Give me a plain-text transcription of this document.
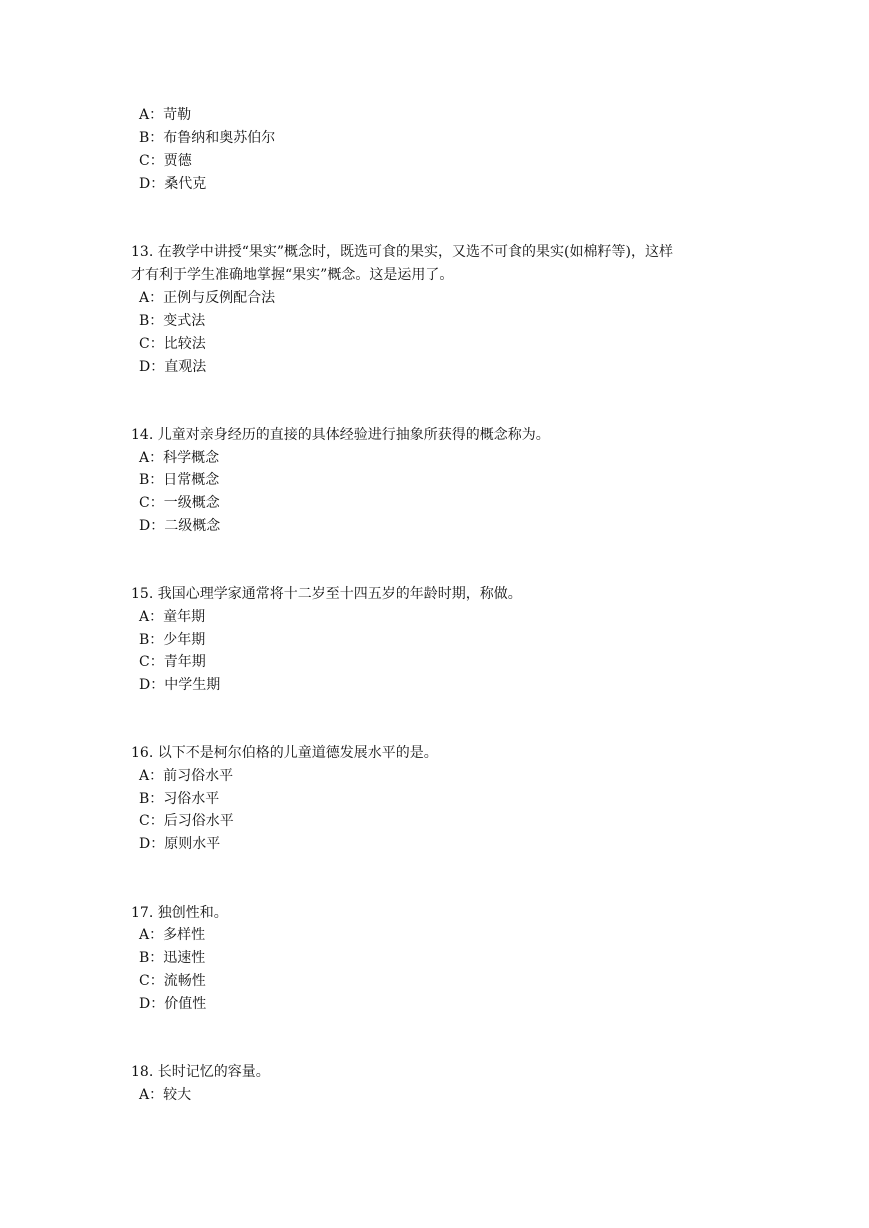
A：苛勒
B：布鲁纳和奥苏伯尔
C：贾德
D：桑代克
13. 在教学中讲授“果实”概念时，既选可食的果实，又选不可食的果实(如棉籽等)，这样
才有利于学生准确地掌握“果实”概念。这是运用了。
A：正例与反例配合法
B：变式法
C：比较法
D：直观法
14. 儿童对亲身经历的直接的具体经验进行抽象所获得的概念称为。
A：科学概念
B：日常概念
C：一级概念
D：二级概念
15. 我国心理学家通常将十二岁至十四五岁的年龄时期，称做。
A：童年期
B：少年期
C：青年期
D：中学生期
16. 以下不是柯尔伯格的儿童道德发展水平的是。
A：前习俗水平
B：习俗水平
C：后习俗水平
D：原则水平
17. 独创性和。
A：多样性
B：迅速性
C：流畅性
D：价值性
18. 长时记忆的容量。
A：较大
